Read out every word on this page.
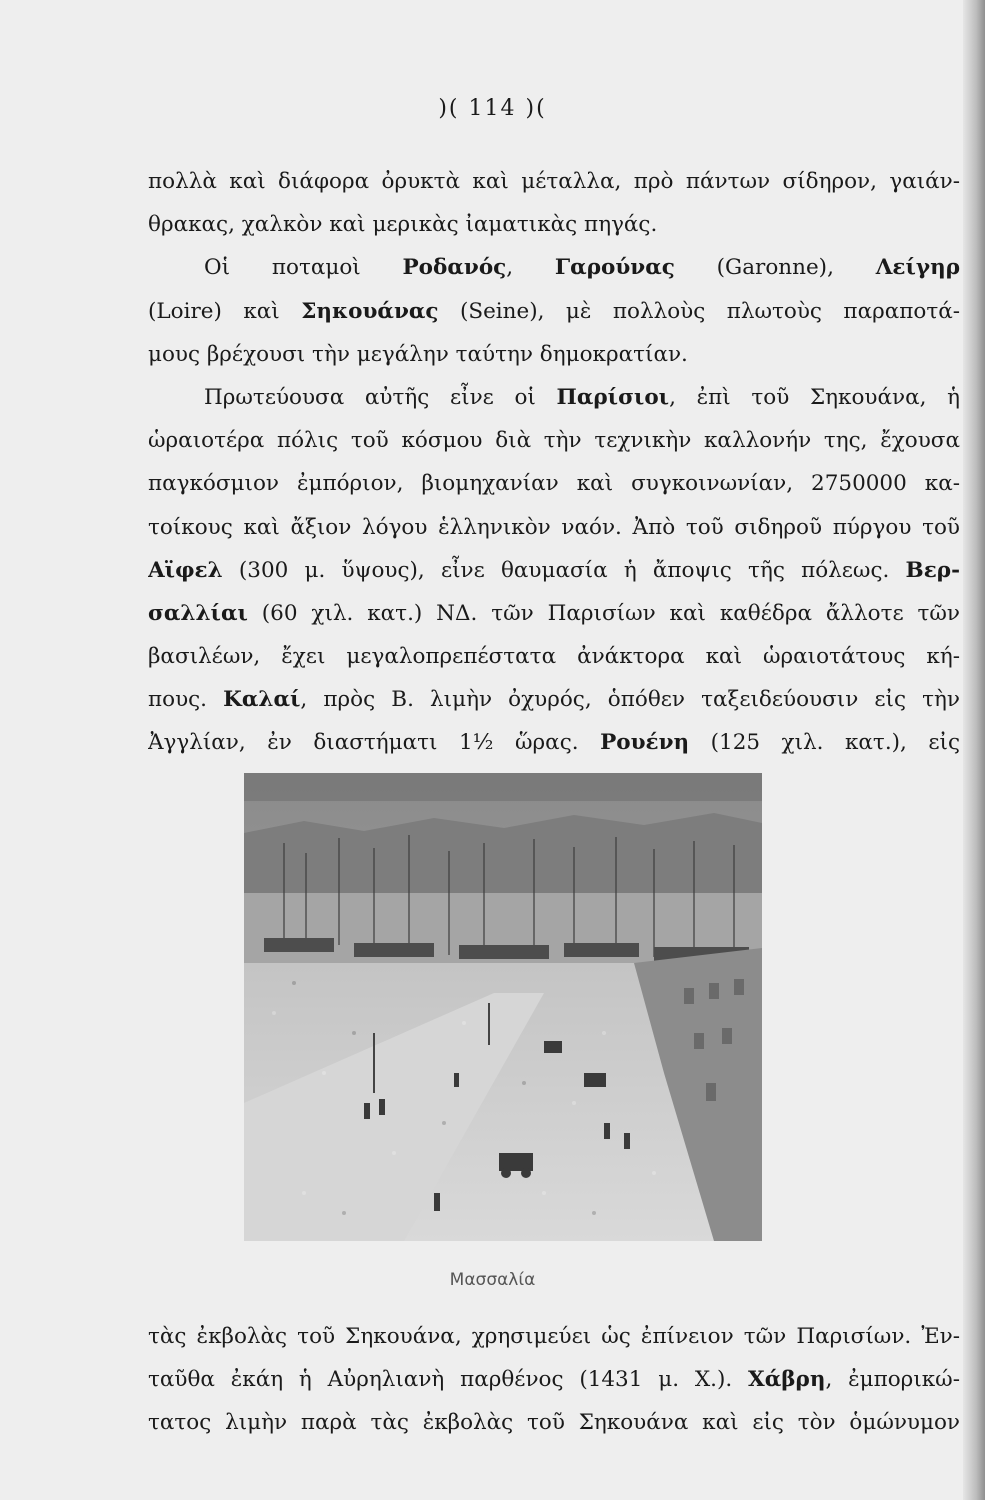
)( 114 )(
πολλὰ καὶ διάφορα ὀρυκτὰ καὶ μέταλλα, πρὸ πάντων σίδηρον, γαιάν-
θρακας, χαλκὸν καὶ μερικὰς ἰαματικὰς πηγάς.
Οἱ ποταμοὶ Ροδανός, Γαρούνας (Garonne), Λείγηρ
(Loire) καὶ Σηκουάνας (Seine), μὲ πολλοὺς πλωτοὺς παραποτά-
μους βρέχουσι τὴν μεγάλην ταύτην δημοκρατίαν.
Πρωτεύουσα αὐτῆς εἶνε οἱ Παρίσιοι, ἐπὶ τοῦ Σηκουάνα, ἡ
ὡραιοτέρα πόλις τοῦ κόσμου διὰ τὴν τεχνικὴν καλλονήν της, ἔχουσα
παγκόσμιον ἐμπόριον, βιομηχανίαν καὶ συγκοινωνίαν, 2750000 κα-
τοίκους καὶ ἄξιον λόγου ἑλληνικὸν ναόν. Ἀπὸ τοῦ σιδηροῦ πύργου τοῦ
Αϊφελ (300 μ. ὕψους), εἶνε θαυμασία ἡ ἄποψις τῆς πόλεως. Βερ-
σαλλίαι (60 χιλ. κατ.) ΝΔ. τῶν Παρισίων καὶ καθέδρα ἄλλοτε τῶν
βασιλέων, ἔχει μεγαλοπρεπέστατα ἀνάκτορα καὶ ὡραιοτάτους κή-
πους. Καλαί, πρὸς Β. λιμὴν ὀχυρός, ὁπόθεν ταξειδεύουσιν εἰς τὴν
Ἀγγλίαν, ἐν διαστήματι 1½ ὥρας. Ρουένη (125 χιλ. κατ.), εἰς
Μασσαλία
τὰς ἐκβολὰς τοῦ Σηκουάνα, χρησιμεύει ὡς ἐπίνειον τῶν Παρισίων. Ἐν-
ταῦθα ἐκάη ἡ Αὐρηλιανὴ παρθένος (1431 μ. Χ.). Χάβρη, ἐμπορικώ-
τατος λιμὴν παρὰ τὰς ἐκβολὰς τοῦ Σηκουάνα καὶ εἰς τὸν ὁμώνυμον
